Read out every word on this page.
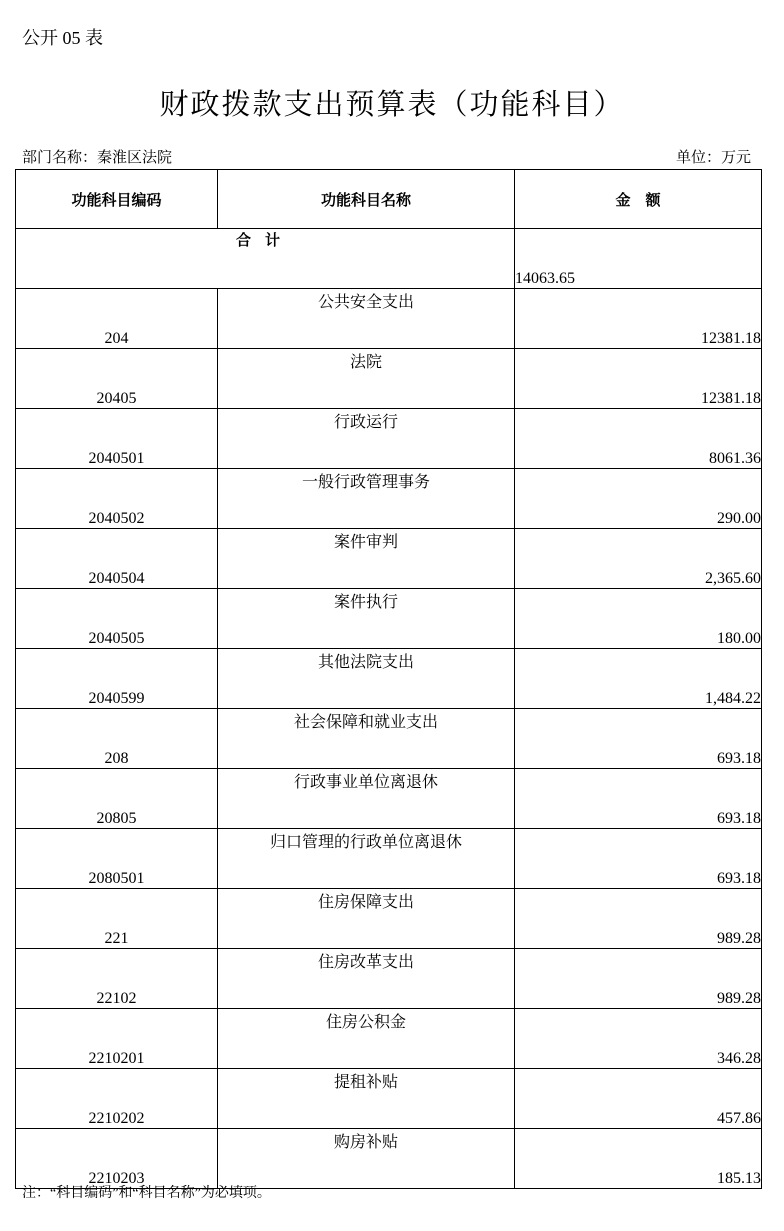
公开 05 表
财政拨款支出预算表（功能科目）
部门名称：秦淮区法院	单位：万元
功能科目编码	功能科目名称	金　额
合计		14063.65
204	公共安全支出	12381.18
20405	法院	12381.18
2040501	行政运行	8061.36
2040502	一般行政管理事务	290.00
2040504	案件审判	2,365.60
2040505	案件执行	180.00
2040599	其他法院支出	1,484.22
208	社会保障和就业支出	693.18
20805	行政事业单位离退休	693.18
2080501	归口管理的行政单位离退休	693.18
221	住房保障支出	989.28
22102	住房改革支出	989.28
2210201	住房公积金	346.28
2210202	提租补贴	457.86
2210203	购房补贴	185.13
注：“科目编码”和“科目名称”为必填项。
